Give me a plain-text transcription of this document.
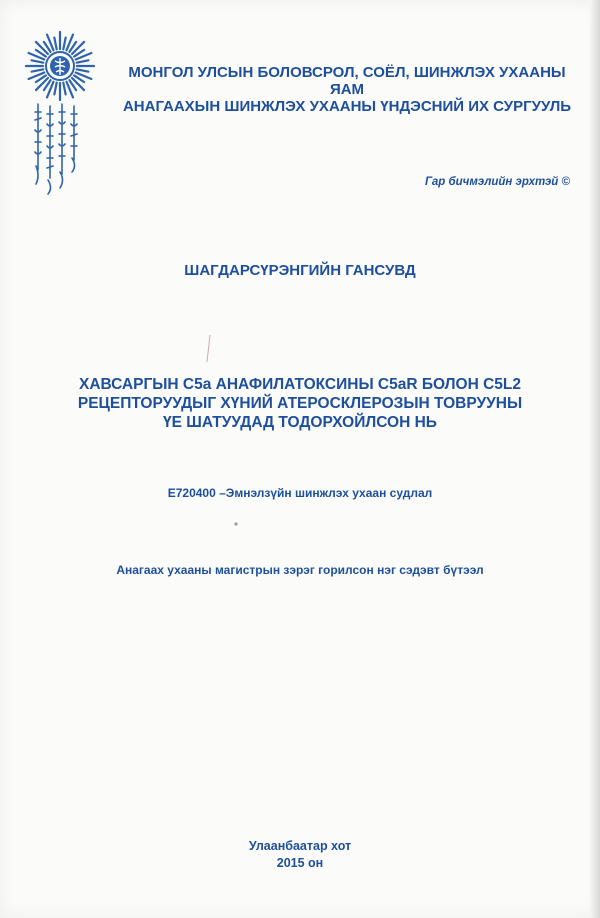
МОНГОЛ УЛСЫН БОЛОВСРОЛ, СОЁЛ, ШИНЖЛЭХ УХААНЫ ЯАМ
АНАГААХЫН ШИНЖЛЭХ УХААНЫ ҮНДЭСНИЙ ИХ СУРГУУЛЬ
Гар бичмэлийн эрхтэй ©
ШАГДАРСҮРЭНГИЙН ГАНСУВД
ХАВСАРГЫН C5a АНАФИЛАТОКСИНЫ C5aR БОЛОН C5L2
РЕЦЕПТОРУУДЫГ ХҮНИЙ АТЕРОСКЛЕРОЗЫН ТОВРУУНЫ
ҮЕ ШАТУУДАД ТОДОРХОЙЛСОН НЬ
E720400 –Эмнэлзүйн шинжлэх ухаан судлал
Анагаах ухааны магистрын зэрэг горилсон нэг сэдэвт бүтээл
Улаанбаатар хот
2015 он
